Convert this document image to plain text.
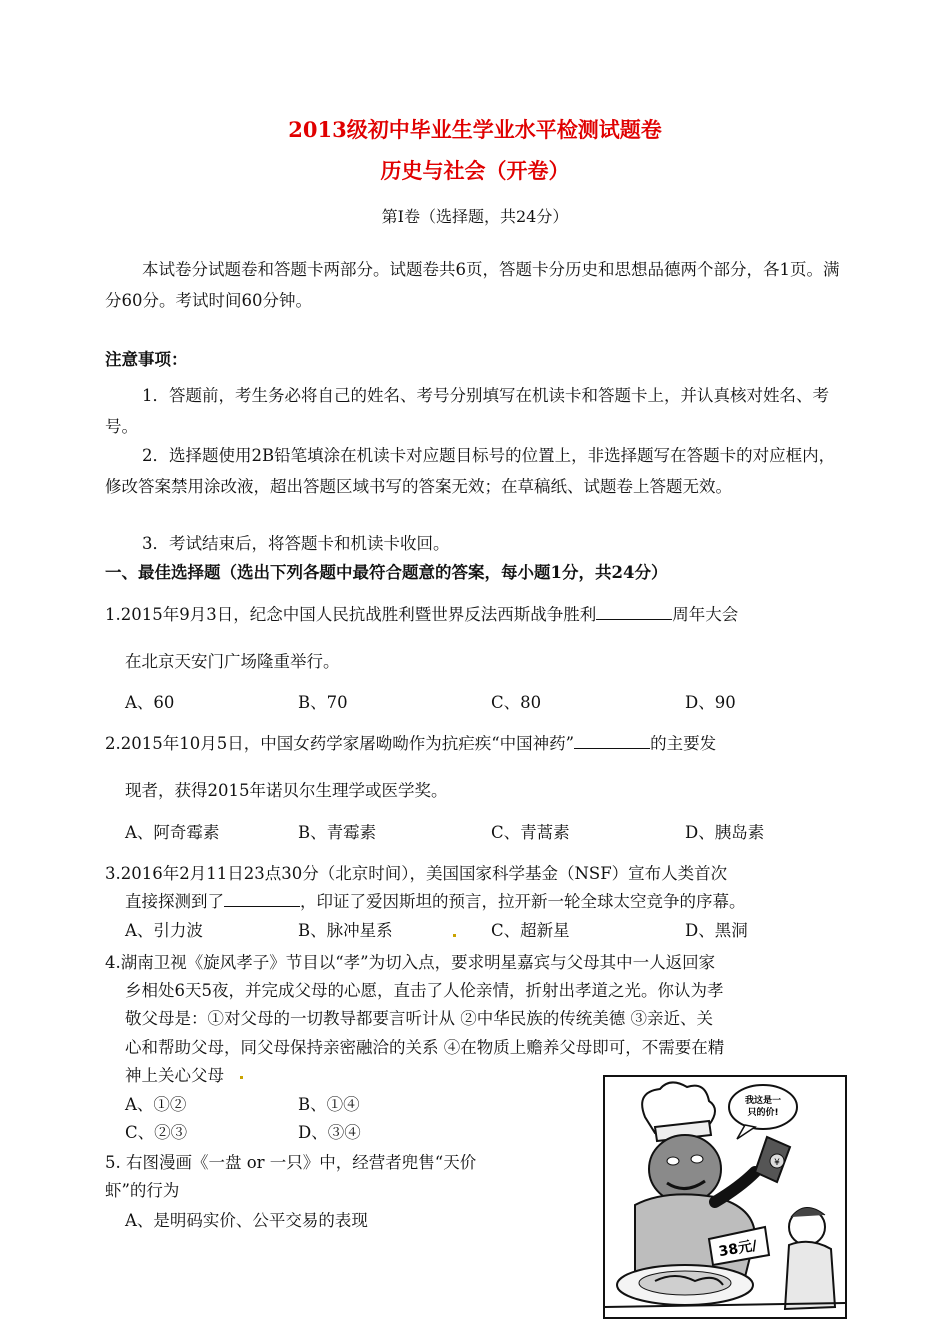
2013级初中毕业生学业水平检测试题卷
历史与社会（开卷）
第Ⅰ卷（选择题，共24分）
本试卷分试题卷和答题卡两部分。试题卷共6页，答题卡分历史和思想品德两个部分，各1页。满分60分。考试时间60分钟。
注意事项：
1．答题前，考生务必将自己的姓名、考号分别填写在机读卡和答题卡上，并认真核对姓名、考号。
2．选择题使用2B铅笔填涂在机读卡对应题目标号的位置上，非选择题写在答题卡的对应框内，修改答案禁用涂改液，超出答题区域书写的答案无效；在草稿纸、试题卷上答题无效。
3．考试结束后，将答题卡和机读卡收回。
一、最佳选择题（选出下列各题中最符合题意的答案，每小题1分，共24分）
1.2015年9月3日，纪念中国人民抗战胜利暨世界反法西斯战争胜利	周年大会
在北京天安门广场隆重举行。
A、60	B、70	C、80	D、90
2.2015年10月5日，中国女药学家屠呦呦作为抗疟疾“中国神药”	的主要发
现者，获得2015年诺贝尔生理学或医学奖。
A、阿奇霉素	B、青霉素	C、青蒿素	D、胰岛素
3.2016年2月11日23点30分（北京时间），美国国家科学基金（NSF）宣布人类首次
直接探测到了	，印证了爱因斯坦的预言，拉开新一轮全球太空竞争的序幕。
A、引力波	B、脉冲星系	C、超新星	D、黑洞
4.湖南卫视《旋风孝子》节目以“孝”为切入点，要求明星嘉宾与父母其中一人返回家
乡相处6天5夜，并完成父母的心愿，直击了人伦亲情，折射出孝道之光。你认为孝
敬父母是：①对父母的一切教导都要言听计从 ②中华民族的传统美德 ③亲近、关
心和帮助父母，同父母保持亲密融洽的关系 ④在物质上赡养父母即可，不需要在精
神上关心父母
A、①②	B、①④
C、②③	D、③④
5. 右图漫画《一盘 or 一只》中，经营者兜售“天价
虾”的行为
A、是明码实价、公平交易的表现
¥
我这是一
只的价!
38元/
